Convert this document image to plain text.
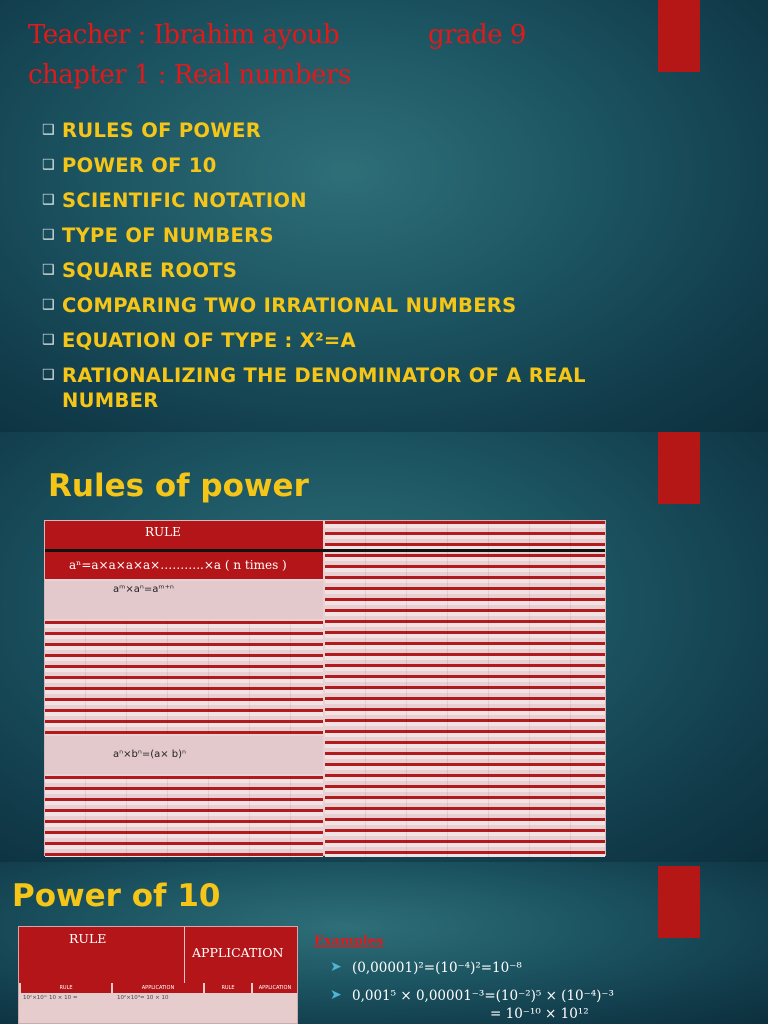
Teacher : Ibrahim ayoub	grade 9
chapter 1 : Real numbers
❑ RULES OF POWER
❑ POWER OF 10
❑ SCIENTIFIC NOTATION
❑ TYPE OF NUMBERS
❑ SQUARE ROOTS
❑ COMPARING TWO IRRATIONAL NUMBERS
❑ EQUATION OF TYPE : X²=A
❑ RATIONALIZING THE DENOMINATOR OF A REAL NUMBER
Rules of power
RULE
aⁿ=a×a×a×a×………..×a ( n times )
aᵐ×aⁿ=aᵐ⁺ⁿ
aⁿ×bⁿ=(a× b)ⁿ
Power of 10
RULE
APPLICATION
RULE	APPLICATION	RULE	APPLICATION
10ⁿ×10ᵐ 10 × 10 =	10²×10³= 10 × 10
Examples
➤ (0,00001)²=(10⁻⁴)²=10⁻⁸
➤ 0,001⁵ × 0,00001⁻³=(10⁻²)⁵ × (10⁻⁴)⁻³
= 10⁻¹⁰ × 10¹²
